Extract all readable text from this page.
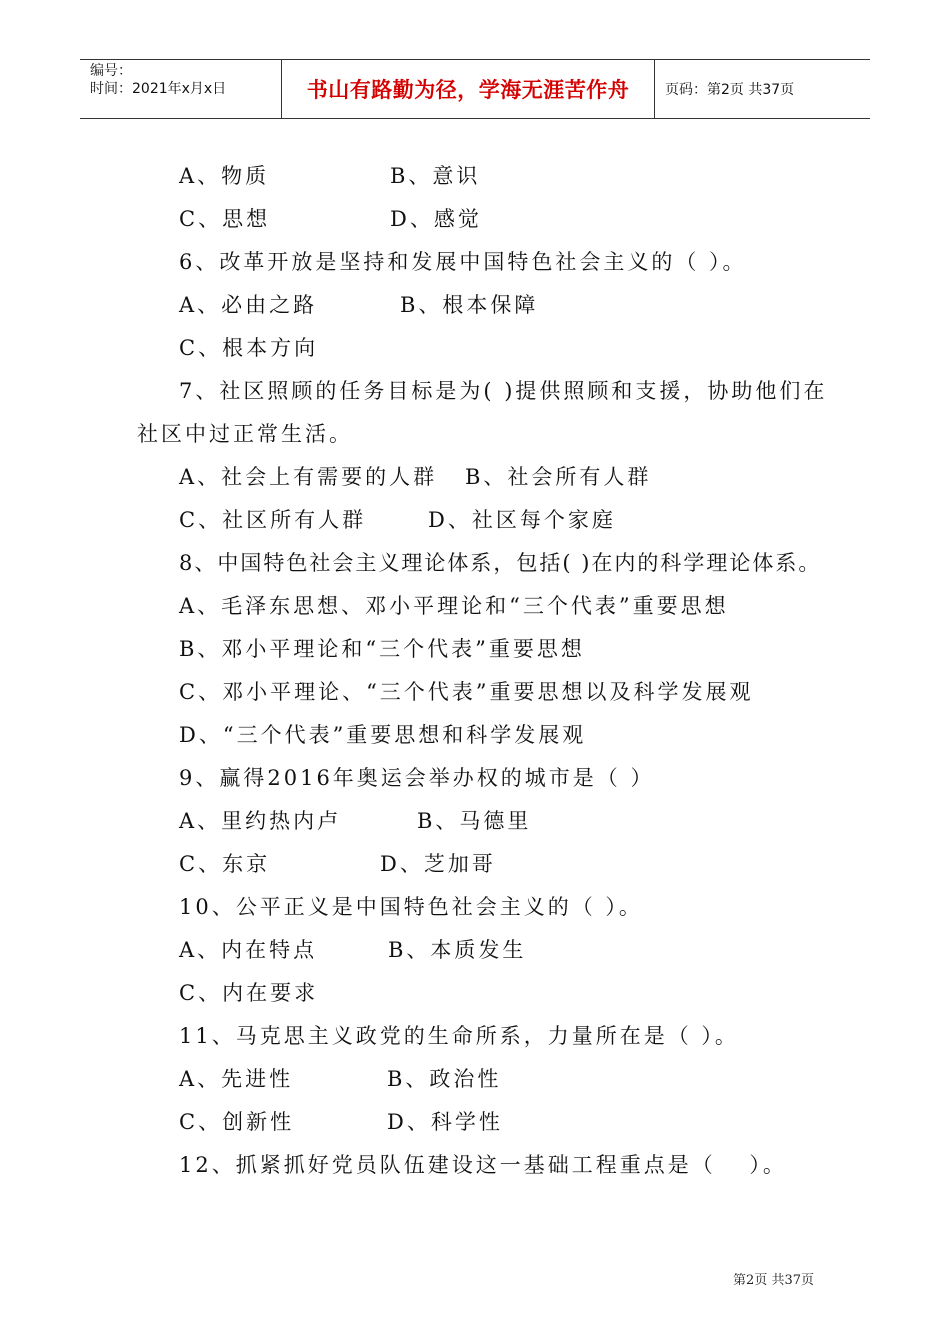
编号：
时间：2021年x月x日	书山有路勤为径，学海无涯苦作舟	页码：第2页 共37页
A、物质	B、意识
C、思想	D、感觉
6、改革开放是坚持和发展中国特色社会主义的（ ）。
A、必由之路	B、根本保障
C、根本方向
7、社区照顾的任务目标是为( )提供照顾和支援，协助他们在
社区中过正常生活。
A、社会上有需要的人群 B、社会所有人群
C、社区所有人群	D、社区每个家庭
8、中国特色社会主义理论体系，包括( )在内的科学理论体系。
A、毛泽东思想、邓小平理论和“三个代表”重要思想
B、邓小平理论和“三个代表”重要思想
C、邓小平理论、“三个代表”重要思想以及科学发展观
D、“三个代表”重要思想和科学发展观
9、赢得2016年奥运会举办权的城市是（ ）
A、里约热内卢	B、马德里
C、东京	D、芝加哥
10、公平正义是中国特色社会主义的（ ）。
A、内在特点	B、本质发生
C、内在要求
11、马克思主义政党的生命所系，力量所在是（ ）。
A、先进性	B、政治性
C、创新性	D、科学性
12、抓紧抓好党员队伍建设这一基础工程重点是（　 ）。
第2页 共37页
